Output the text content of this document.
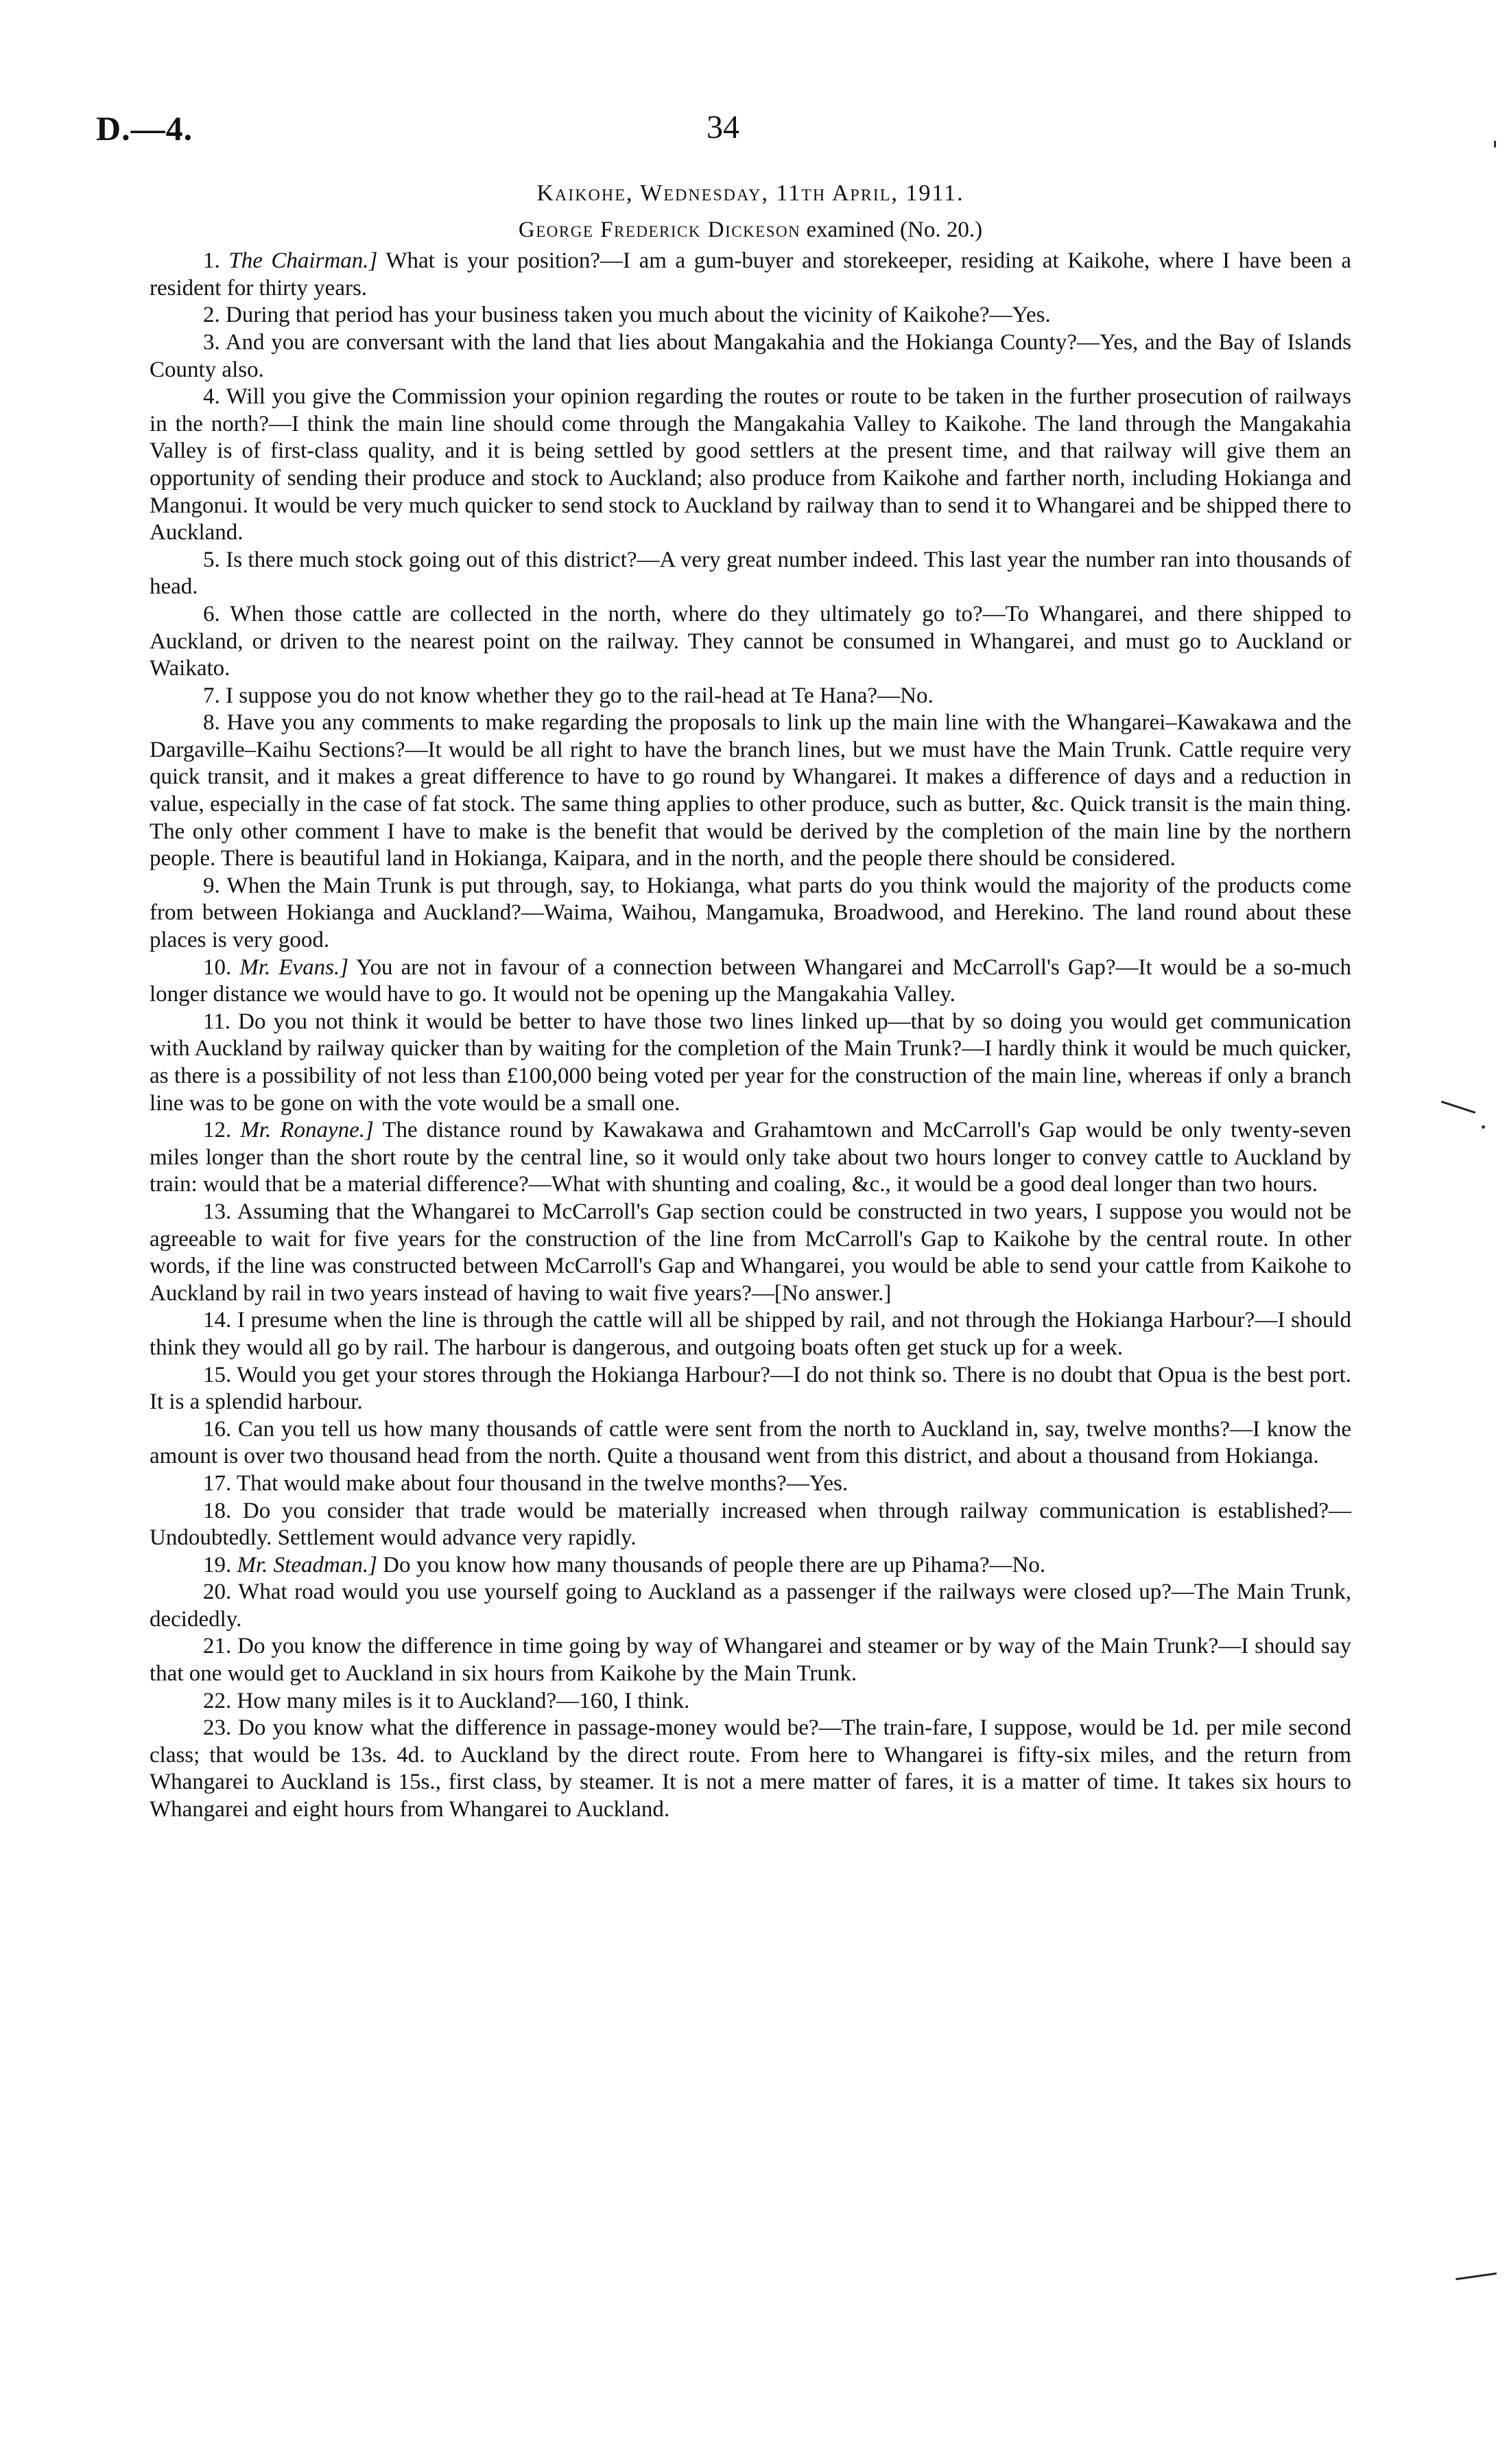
D.—4.	34

Kaikohe, Wednesday, 11th April, 1911.

George Frederick Dickeson examined (No. 20.)

1. The Chairman.] What is your position?—I am a gum-buyer and storekeeper, residing at Kaikohe, where I have been a resident for thirty years.

2. During that period has your business taken you much about the vicinity of Kaikohe?—Yes.

3. And you are conversant with the land that lies about Mangakahia and the Hokianga County?—Yes, and the Bay of Islands County also.

4. Will you give the Commission your opinion regarding the routes or route to be taken in the further prosecution of railways in the north?—I think the main line should come through the Mangakahia Valley to Kaikohe. The land through the Mangakahia Valley is of first-class quality, and it is being settled by good settlers at the present time, and that railway will give them an opportunity of sending their produce and stock to Auckland; also produce from Kaikohe and farther north, including Hokianga and Mangonui. It would be very much quicker to send stock to Auckland by railway than to send it to Whangarei and be shipped there to Auckland.

5. Is there much stock going out of this district?—A very great number indeed. This last year the number ran into thousands of head.

6. When those cattle are collected in the north, where do they ultimately go to?—To Whangarei, and there shipped to Auckland, or driven to the nearest point on the railway. They cannot be consumed in Whangarei, and must go to Auckland or Waikato.

7. I suppose you do not know whether they go to the rail-head at Te Hana?—No.

8. Have you any comments to make regarding the proposals to link up the main line with the Whangarei–Kawakawa and the Dargaville–Kaihu Sections?—It would be all right to have the branch lines, but we must have the Main Trunk. Cattle require very quick transit, and it makes a great difference to have to go round by Whangarei. It makes a difference of days and a reduction in value, especially in the case of fat stock. The same thing applies to other produce, such as butter, &c. Quick transit is the main thing. The only other comment I have to make is the benefit that would be derived by the completion of the main line by the northern people. There is beautiful land in Hokianga, Kaipara, and in the north, and the people there should be considered.

9. When the Main Trunk is put through, say, to Hokianga, what parts do you think would the majority of the products come from between Hokianga and Auckland?—Waima, Waihou, Mangamuka, Broadwood, and Herekino. The land round about these places is very good.

10. Mr. Evans.] You are not in favour of a connection between Whangarei and McCarroll's Gap?—It would be a so-much longer distance we would have to go. It would not be opening up the Mangakahia Valley.

11. Do you not think it would be better to have those two lines linked up—that by so doing you would get communication with Auckland by railway quicker than by waiting for the completion of the Main Trunk?—I hardly think it would be much quicker, as there is a possibility of not less than £100,000 being voted per year for the construction of the main line, whereas if only a branch line was to be gone on with the vote would be a small one.

12. Mr. Ronayne.] The distance round by Kawakawa and Grahamtown and McCarroll's Gap would be only twenty-seven miles longer than the short route by the central line, so it would only take about two hours longer to convey cattle to Auckland by train: would that be a material difference?—What with shunting and coaling, &c., it would be a good deal longer than two hours.

13. Assuming that the Whangarei to McCarroll's Gap section could be constructed in two years, I suppose you would not be agreeable to wait for five years for the construction of the line from McCarroll's Gap to Kaikohe by the central route. In other words, if the line was constructed between McCarroll's Gap and Whangarei, you would be able to send your cattle from Kaikohe to Auckland by rail in two years instead of having to wait five years?—[No answer.]

14. I presume when the line is through the cattle will all be shipped by rail, and not through the Hokianga Harbour?—I should think they would all go by rail. The harbour is dangerous, and outgoing boats often get stuck up for a week.

15. Would you get your stores through the Hokianga Harbour?—I do not think so. There is no doubt that Opua is the best port. It is a splendid harbour.

16. Can you tell us how many thousands of cattle were sent from the north to Auckland in, say, twelve months?—I know the amount is over two thousand head from the north. Quite a thousand went from this district, and about a thousand from Hokianga.

17. That would make about four thousand in the twelve months?—Yes.

18. Do you consider that trade would be materially increased when through railway communication is established?—Undoubtedly. Settlement would advance very rapidly.

19. Mr. Steadman.] Do you know how many thousands of people there are up Pihama?—No.

20. What road would you use yourself going to Auckland as a passenger if the railways were closed up?—The Main Trunk, decidedly.

21. Do you know the difference in time going by way of Whangarei and steamer or by way of the Main Trunk?—I should say that one would get to Auckland in six hours from Kaikohe by the Main Trunk.

22. How many miles is it to Auckland?—160, I think.

23. Do you know what the difference in passage-money would be?—The train-fare, I suppose, would be 1d. per mile second class; that would be 13s. 4d. to Auckland by the direct route. From here to Whangarei is fifty-six miles, and the return from Whangarei to Auckland is 15s., first class, by steamer. It is not a mere matter of fares, it is a matter of time. It takes six hours to Whangarei and eight hours from Whangarei to Auckland.
